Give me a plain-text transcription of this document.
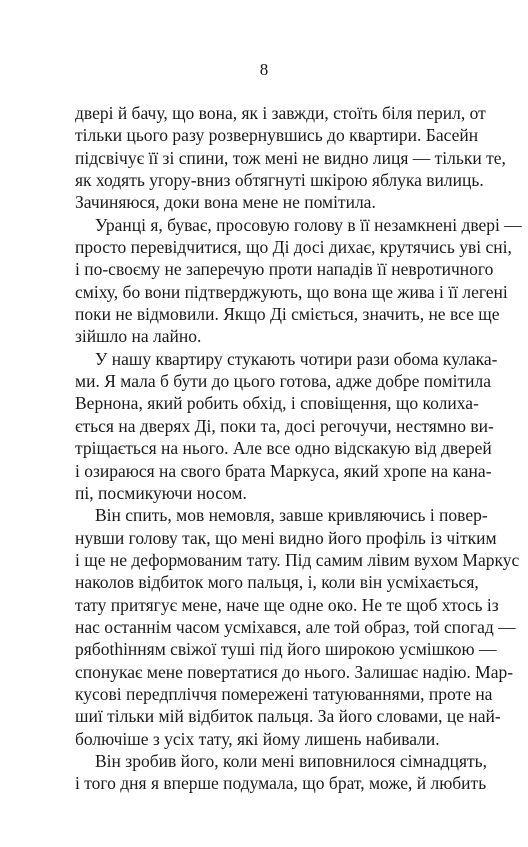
8
двері й бачу, що вона, як і завжди, стоїть біля перил, от
тільки цього разу розвернувшись до квартири. Басейн
підсвічує її зі спини, тож мені не видно лиця — тільки те,
як ходять угору-вниз обтягнуті шкірою яблука вилиць.
Зачиняюся, доки вона мене не помітила.
Уранці я, буває, просовую голову в її незамкнені двері —
просто перевідчитися, що Ді досі дихає, крутячись уві сні,
і по-своєму не заперечую проти нападів її невротичного
сміху, бо вони підтверджують, що вона ще жива і її легені
поки не відмовили. Якщо Ді сміється, значить, не все ще
зійшло на лайно.
У нашу квартиру стукають чотири рази обома кулака-
ми. Я мала б бути до цього готова, адже добре помітила
Вернона, який робить обхід, і сповіщення, що колиха-
ється на дверях Ді, поки та, досі регочучи, нестямно ви-
тріщається на нього. Але все одно відскакую від дверей
і озираюся на свого брата Маркуса, який хропе на кана-
пі, посмикуючи носом.
Він спить, мов немовля, завше кривляючись і повер-
нувши голову так, що мені видно його профіль із чітким
і ще не деформованим тату. Під самим лівим вухом Маркус
наколов відбиток мого пальця, і, коли він усміхається,
тату притягує мене, наче ще одне око. Не те щоб хтось із
нас останнім часом усміхався, але той образ, той спогад —
рябothінням свіжої туші під його широкою усмішкою —
спонукає мене повертатися до нього. Залишає надію. Мар-
кусові передпліччя помережені татуюваннями, проте на
шиї тільки мій відбиток пальця. За його словами, це най-
болючіше з усіх тату, які йому лишень набивали.
Він зробив його, коли мені виповнилося сімнадцять,
і того дня я вперше подумала, що брат, може, й любить
